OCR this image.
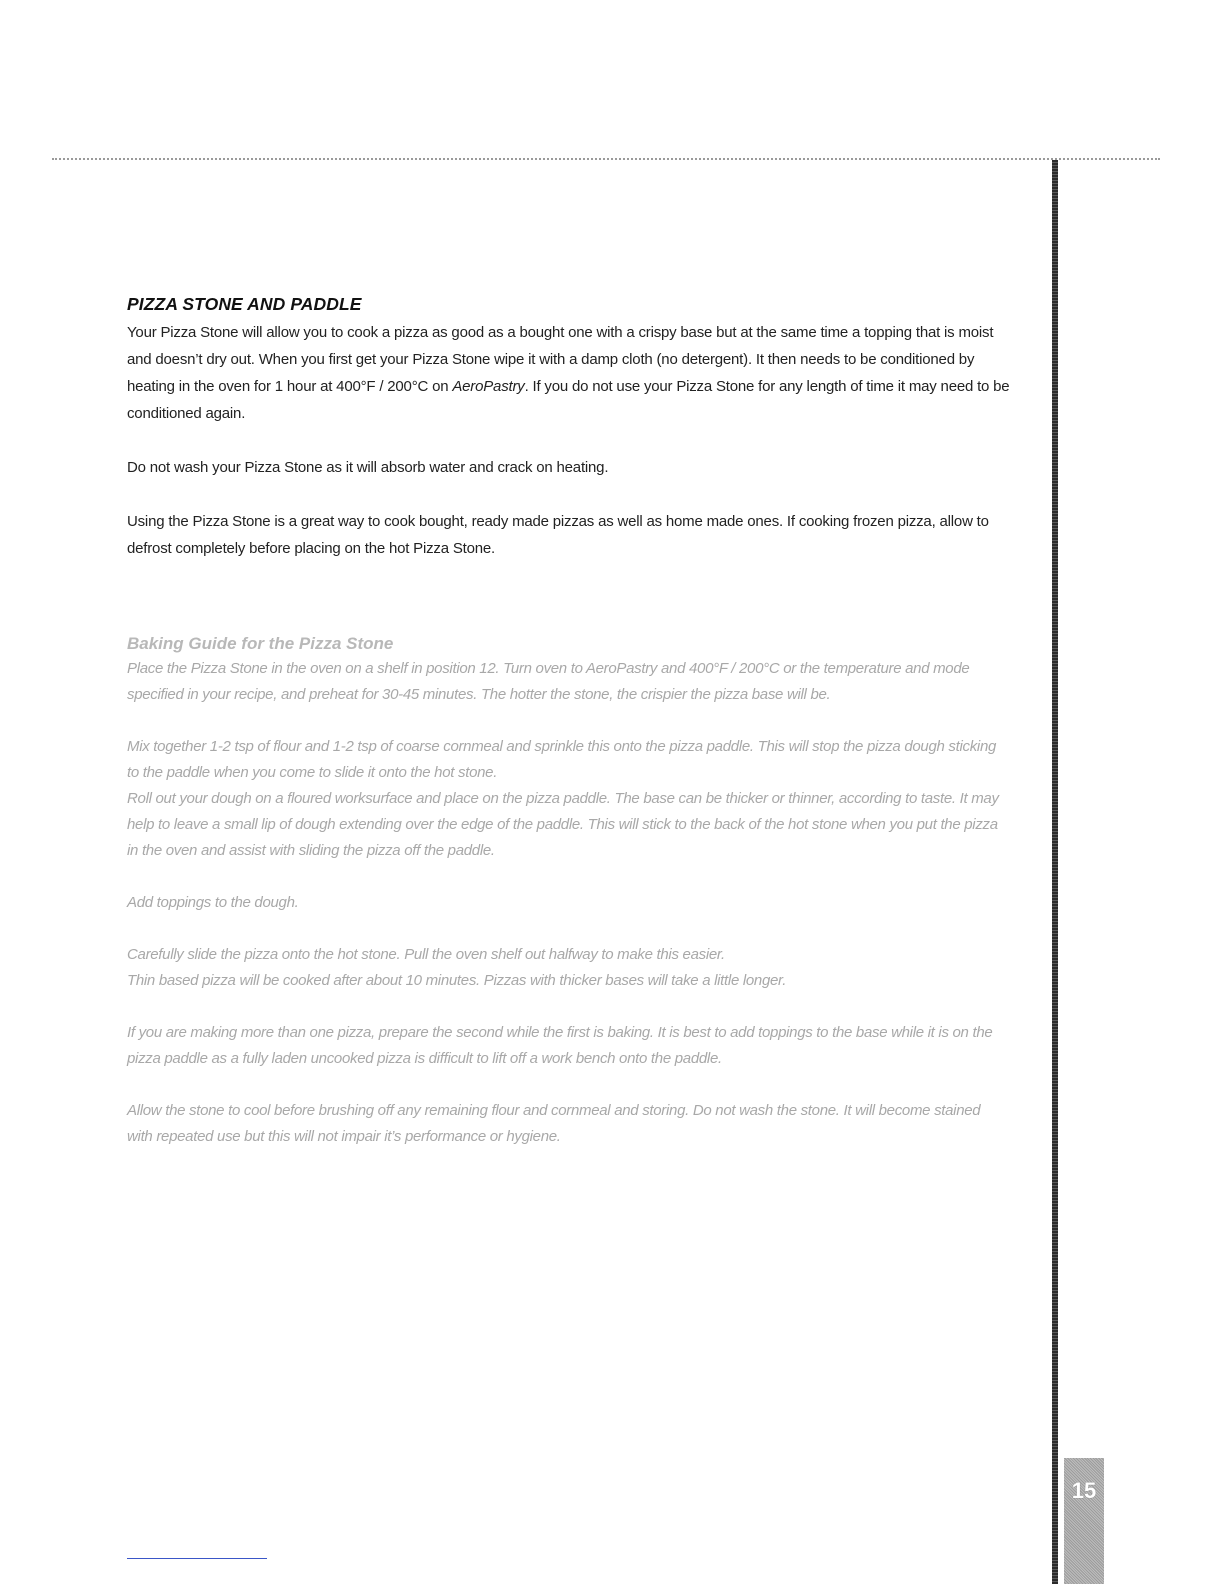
15
PIZZA STONE AND PADDLE

Your Pizza Stone will allow you to cook a pizza as good as a bought one with a crispy base but at the same time a topping that is moist and doesn’t dry out. When you first get your Pizza Stone wipe it with a damp cloth (no detergent). It then needs to be conditioned by heating in the oven for 1 hour at 400°F / 200°C on AeroPastry. If you do not use your Pizza Stone for any length of time it may need to be conditioned again.

Do not wash your Pizza Stone as it will absorb water and crack on heating.

Using the Pizza Stone is a great way to cook bought, ready made pizzas as well as home made ones. If cooking frozen pizza, allow to defrost completely before placing on the hot Pizza Stone.

Baking Guide for the Pizza Stone

Place the Pizza Stone in the oven on a shelf in position 12. Turn oven to AeroPastry and 400°F / 200°C or the temperature and mode specified in your recipe, and preheat for 30-45 minutes. The hotter the stone, the crispier the pizza base will be.

Mix together 1-2 tsp of flour and 1-2 tsp of coarse cornmeal and sprinkle this onto the pizza paddle. This will stop the pizza dough sticking to the paddle when you come to slide it onto the hot stone.

Roll out your dough on a floured worksurface and place on the pizza paddle. The base can be thicker or thinner, according to taste. It may help to leave a small lip of dough extending over the edge of the paddle. This will stick to the back of the hot stone when you put the pizza in the oven and assist with sliding the pizza off the paddle.

Add toppings to the dough.

Carefully slide the pizza onto the hot stone. Pull the oven shelf out halfway to make this easier.

Thin based pizza will be cooked after about 10 minutes. Pizzas with thicker bases will take a little longer.

If you are making more than one pizza, prepare the second while the first is baking. It is best to add toppings to the base while it is on the pizza paddle as a fully laden uncooked pizza is difficult to lift off a work bench onto the paddle.

Allow the stone to cool before brushing off any remaining flour and cornmeal and storing. Do not wash the stone. It will become stained with repeated use but this will not impair it’s performance or hygiene.
